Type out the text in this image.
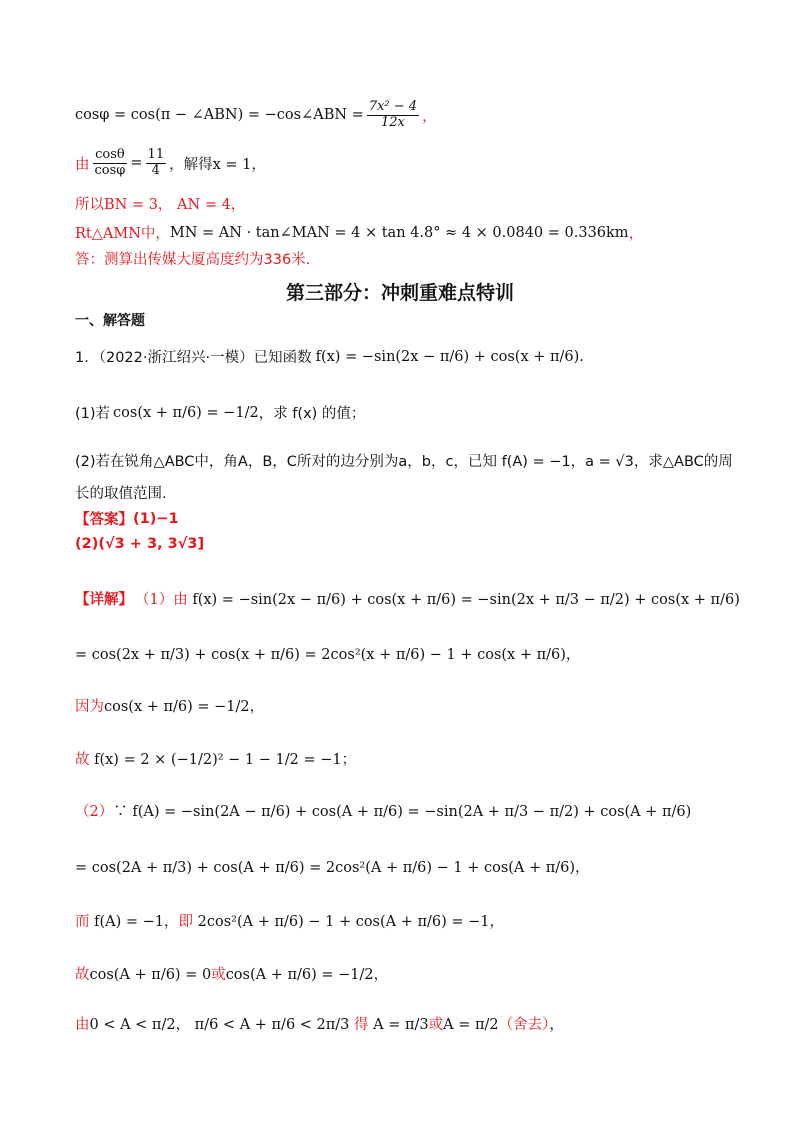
cosφ = cos(π − ∠ABN) = −cos∠ABN = $\frac{\text{7x² − 4}}{12x}$ ，
由 $\frac{\cos\theta}{\cos\varphi} = \frac{11}{4}$ ，解得x = 1，
所以BN = 3， AN = 4，
Rt△AMN中， MN = AN · tan∠MAN = 4 × tan 4.8° ≈ 4 × 0.0840 = 0.336km ，
答：测算出传媒大厦高度约为336米.
第三部分：冲刺重难点特训
一、解答题
1．（2022·浙江绍兴·一模）已知函数 f(x) = −sin(2x − π/6) + cos(x + π/6).
(1)若 cos(x + π/6) = −1/2 ，求 f(x) 的值；
(2)若在锐角△ABC中，角A，B，C所对的边分别为a，b，c，已知 f(A) = −1，a = √3，求△ABC的周
长的取值范围.
【答案】 (1)−1
(2)(√3 + 3, 3√3]
【详解】 （1）由 f(x) = −sin(2x − π/6) + cos(x + π/6) = −sin(2x + π/3 − π/2) + cos(x + π/6)
= cos(2x + π/3) + cos(x + π/6) = 2cos²(x + π/6) − 1 + cos(x + π/6)，
因为cos(x + π/6) = −1/2，
故 f(x) = 2 × (−1/2)² − 1 − 1/2 = −1；
（2）∵ f(A) = −sin(2A − π/6) + cos(A + π/6) = −sin(2A + π/3 − π/2) + cos(A + π/6)
= cos(2A + π/3) + cos(A + π/6) = 2cos²(A + π/6) − 1 + cos(A + π/6)，
而 f(A) = −1，即 2cos²(A + π/6) − 1 + cos(A + π/6) = −1，
故cos(A + π/6) = 0或cos(A + π/6) = −1/2，
由0 < A < π/2， π/6 < A + π/6 < 2π/3 得 A = π/3或A = π/2（舍去），
